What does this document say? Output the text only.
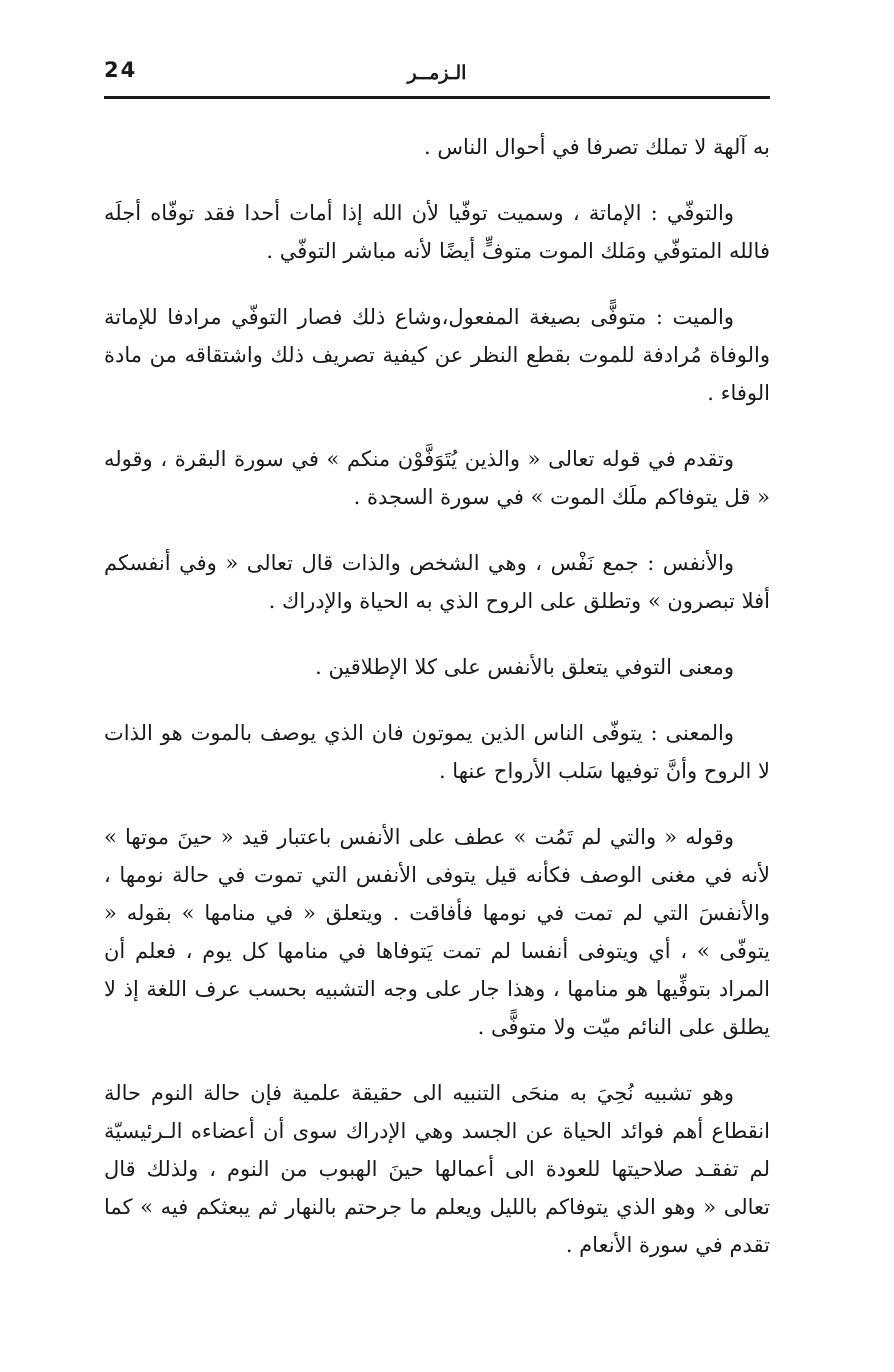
24	الـزمــر

به آلهة لا تملك تصرفا في أحوال الناس .

والتوفّي : الإماتة ، وسميت توفّيا لأن الله إذا أمات أحدا فقد توفّاه أجلَه فالله المتوفّي ومَلك الموت متوفٍّ أيضًا لأنه مباشر التوفّي .

والميت : متوفًّى بصيغة المفعول،وشاع ذلك فصار التوفّي مرادفا للإماتة والوفاة مُرادفة للموت بقطع النظر عن كيفية تصريف ذلك واشتقاقه من مادة الوفاء .

وتقدم في قوله تعالى « والذين يُتَوَفَّوْن منكم » في سورة البقرة ، وقوله « قل يتوفاكم ملَك الموت » في سورة السجدة .

والأنفس : جمع نَفْس ، وهي الشخص والذات قال تعالى « وفي أنفسكم أفلا تبصرون » وتطلق على الروح الذي به الحياة والإدراك .

ومعنى التوفي يتعلق بالأنفس على كلا الإطلاقين .

والمعنى : يتوفّى الناس الذين يموتون فان الذي يوصف بالموت هو الذات لا الروح وأنَّ توفيها سَلب الأرواح عنها .

وقوله « والتي لم تَمُت » عطف على الأنفس باعتبار قيد « حينَ موتها » لأنه في مغنى الوصف فكأنه قيل يتوفى الأنفس التي تموت في حالة نومها ، والأنفسَ التي لم تمت في نومها فأفاقت . ويتعلق « في منامها » بقوله « يتوفّى » ، أي ويتوفى أنفسا لم تمت يَتوفاها في منامها كل يوم ، فعلم أن المراد بتوفِّيها هو منامها ، وهذا جار على وجه التشبيه بحسب عرف اللغة إذ لا يطلق على النائم ميّت ولا متوفًّى .

وهو تشبيه نُحِيَ به منحَى التنبيه الى حقيقة علمية فإن حالة النوم حالة انقطاع أهم فوائد الحياة عن الجسد وهي الإدراك سوى أن أعضاءه الـرئيسيّة لم تفقـد صلاحيتها للعودة الى أعمالها حينَ الهبوب من النوم ، ولذلك قال تعالى « وهو الذي يتوفاكم بالليل ويعلم ما جرحتم بالنهار ثم يبعثكم فيه » كما تقدم في سورة الأنعام .
